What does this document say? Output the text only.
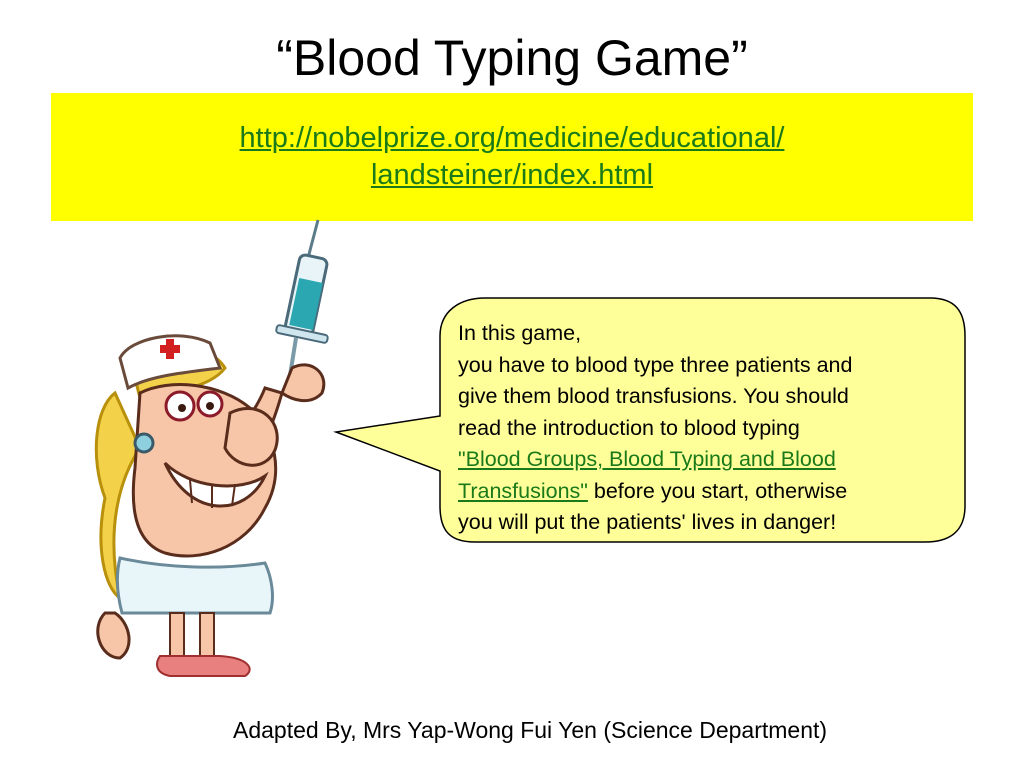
“Blood Typing Game”
http://nobelprize.org/medicine/educational/
landsteiner/index.html
In this game,
you have to blood type three patients and
give them blood transfusions. You should
read the introduction to blood typing
"Blood Groups, Blood Typing and Blood
Transfusions" before you start, otherwise
you will put the patients' lives in danger!
Adapted By, Mrs Yap-Wong Fui Yen (Science Department)
